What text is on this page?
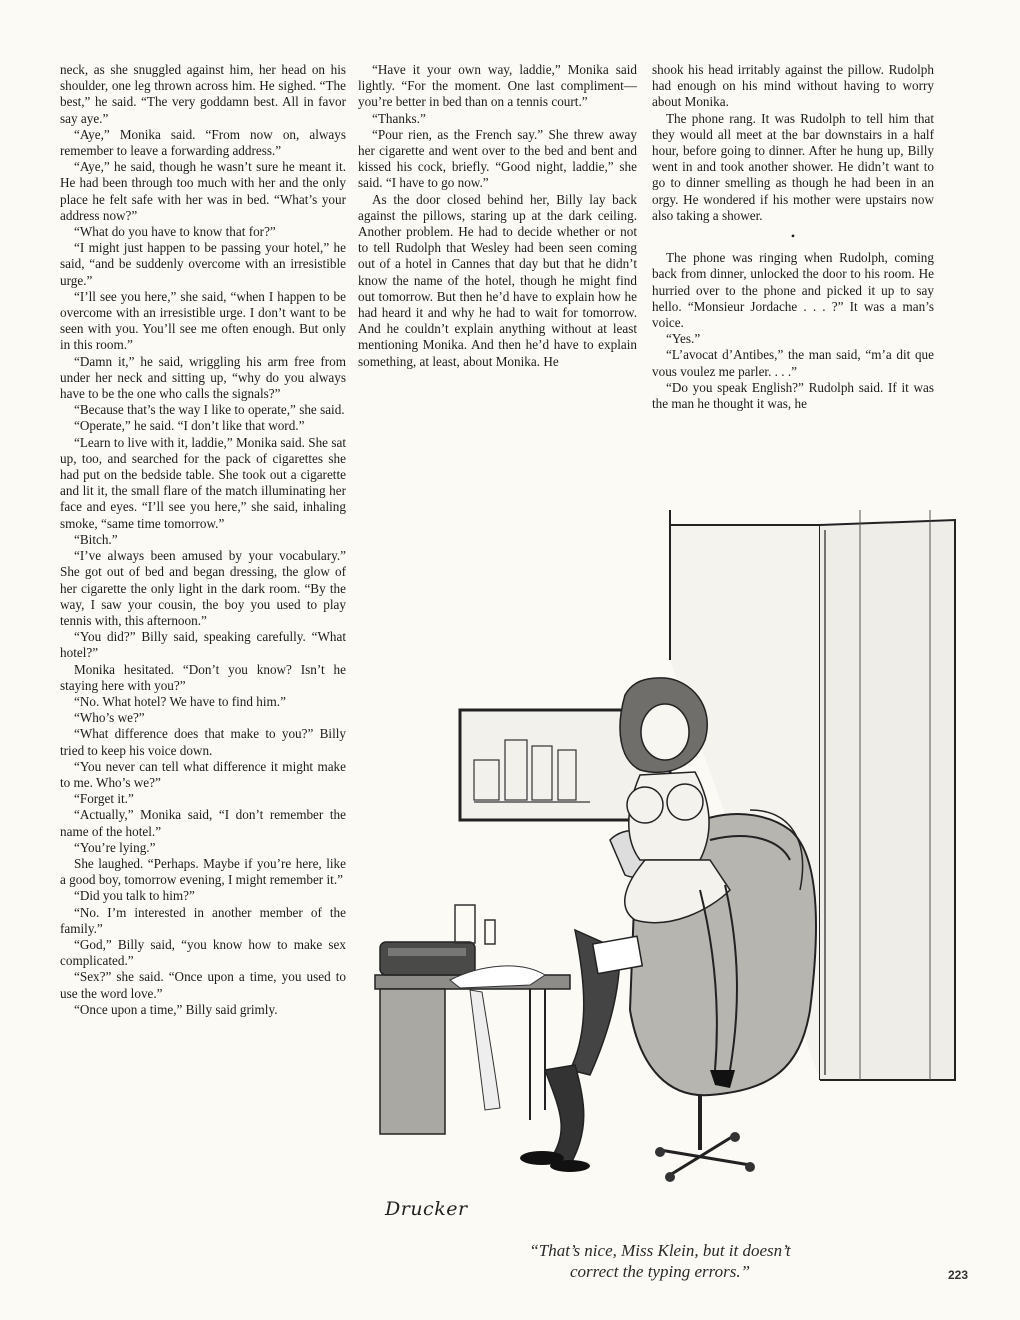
neck, as she snuggled against him, her head on his shoulder, one leg thrown across him. He sighed. “The best,” he said. “The very goddamn best. All in favor say aye.”

“Aye,” Monika said. “From now on, always remember to leave a forwarding address.”

“Aye,” he said, though he wasn’t sure he meant it. He had been through too much with her and the only place he felt safe with her was in bed. “What’s your address now?”

“What do you have to know that for?”

“I might just happen to be passing your hotel,” he said, “and be suddenly overcome with an irresistible urge.”

“I’ll see you here,” she said, “when I happen to be overcome with an irresistible urge. I don’t want to be seen with you. You’ll see me often enough. But only in this room.”

“Damn it,” he said, wriggling his arm free from under her neck and sitting up, “why do you always have to be the one who calls the signals?”

“Because that’s the way I like to operate,” she said.

“Operate,” he said. “I don’t like that word.”

“Learn to live with it, laddie,” Monika said. She sat up, too, and searched for the pack of cigarettes she had put on the bedside table. She took out a cigarette and lit it, the small flare of the match illuminating her face and eyes. “I’ll see you here,” she said, inhaling smoke, “same time tomorrow.”

“Bitch.”

“I’ve always been amused by your vocabulary.” She got out of bed and began dressing, the glow of her cigarette the only light in the dark room. “By the way, I saw your cousin, the boy you used to play tennis with, this afternoon.”

“You did?” Billy said, speaking carefully. “What hotel?”

Monika hesitated. “Don’t you know? Isn’t he staying here with you?”

“No. What hotel? We have to find him.”

“Who’s we?”

“What difference does that make to you?” Billy tried to keep his voice down.

“You never can tell what difference it might make to me. Who’s we?”

“Forget it.”

“Actually,” Monika said, “I don’t remember the name of the hotel.”

“You’re lying.”

She laughed. “Perhaps. Maybe if you’re here, like a good boy, tomorrow evening, I might remember it.”

“Did you talk to him?”

“No. I’m interested in another member of the family.”

“God,” Billy said, “you know how to make sex complicated.”

“Sex?” she said. “Once upon a time, you used to use the word love.”

“Once upon a time,” Billy said grimly.

“Have it your own way, laddie,” Monika said lightly. “For the moment. One last compliment—you’re better in bed than on a tennis court.”

“Thanks.”

“Pour rien, as the French say.” She threw away her cigarette and went over to the bed and bent and kissed his cock, briefly. “Good night, laddie,” she said. “I have to go now.”

As the door closed behind her, Billy lay back against the pillows, staring up at the dark ceiling. Another problem. He had to decide whether or not to tell Rudolph that Wesley had been seen coming out of a hotel in Cannes that day but that he didn’t know the name of the hotel, though he might find out tomorrow. But then he’d have to explain how he had heard it and why he had to wait for tomorrow. And he couldn’t explain anything without at least mentioning Monika. And then he’d have to explain something, at least, about Monika. He

shook his head irritably against the pillow. Rudolph had enough on his mind without having to worry about Monika.

The phone rang. It was Rudolph to tell him that they would all meet at the bar downstairs in a half hour, before going to dinner. After he hung up, Billy went in and took another shower. He didn’t want to go to dinner smelling as though he had been in an orgy. He wondered if his mother were upstairs now also taking a shower.

•

The phone was ringing when Rudolph, coming back from dinner, unlocked the door to his room. He hurried over to the phone and picked it up to say hello. “Monsieur Jordache . . . ?” It was a man’s voice.

“Yes.”

“L’avocat d’Antibes,” the man said, “m’a dit que vous voulez me parler. . . .”

“Do you speak English?” Rudolph said. If it was the man he thought it was, he

Drucker
“That’s nice, Miss Klein, but it doesn’t
correct the typing errors.”	223
